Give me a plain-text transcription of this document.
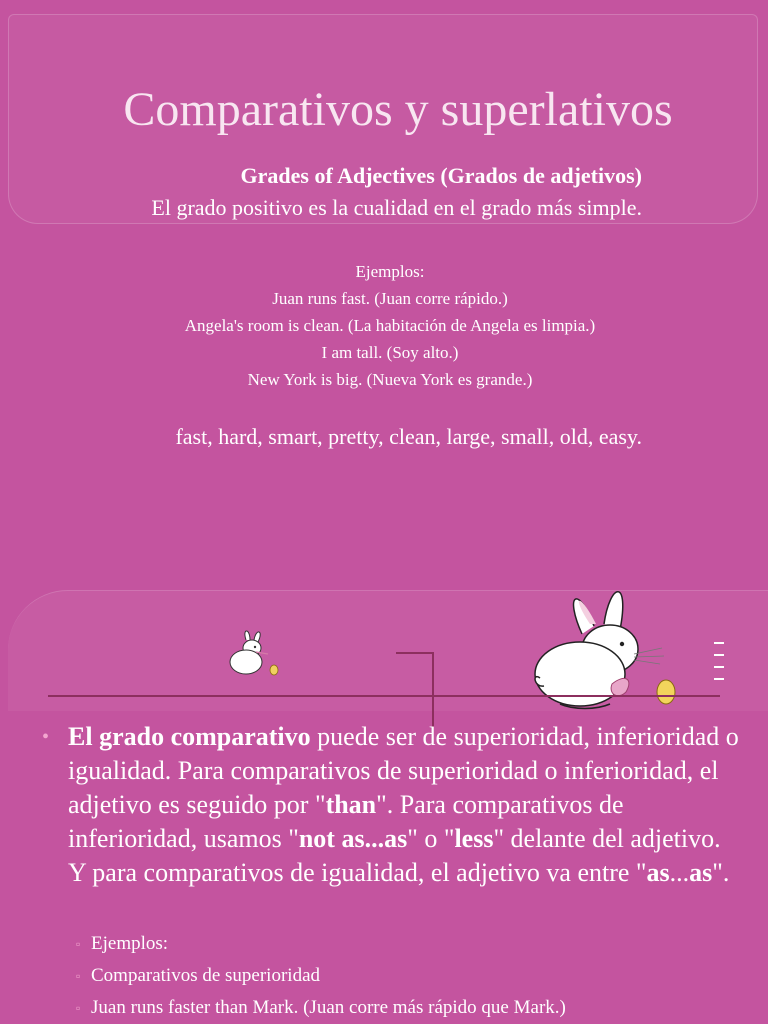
Comparativos y superlativos
Grades of Adjectives (Grados de adjetivos)
El grado positivo es la cualidad en el grado más simple.
Ejemplos:
Juan runs fast. (Juan corre rápido.)
Angela's room is clean. (La habitación de Angela es limpia.)
I am tall. (Soy alto.)
New York is big. (Nueva York es grande.)
fast, hard, smart, pretty, clean, large, small, old, easy.
• El grado comparativo puede ser de superioridad, inferioridad o igualidad. Para comparativos de superioridad o inferioridad, el adjetivo es seguido por "than". Para comparativos de inferioridad, usamos "not as...as" o "less" delante del adjetivo. Y para comparativos de igualidad, el adjetivo va entre "as...as".
▫ Ejemplos:
▫ Comparativos de superioridad
▫ Juan runs faster than Mark. (Juan corre más rápido que Mark.)
